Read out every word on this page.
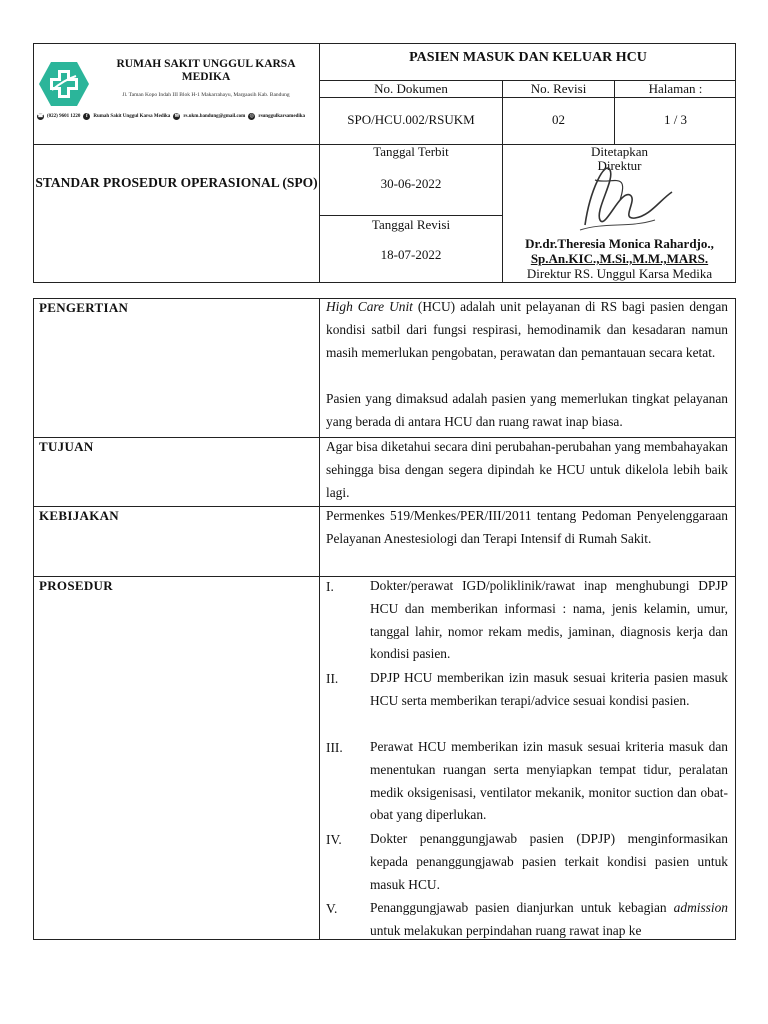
RUMAH SAKIT UNGGUL KARSA MEDIKA
Jl. Taman Kopo Indah III Blok H-1 Makarrahayu, Margaasih Kab. Bandung
☎ (022) 9601 1220	f	Rumah Sakit Unggul Karsa Medika ✉ rs.ukm.bandung@gmail.com ◎ rsunggulkarsamedika
PASIEN MASUK DAN KELUAR HCU
No. Dokumen	No. Revisi	Halaman :
SPO/HCU.002/RSUKM	02	1 / 3
STANDAR PROSEDUR OPERASIONAL (SPO)
Tanggal Terbit
30-06-2022
Tanggal Revisi
18-07-2022
Ditetapkan
Direktur
Dr.dr.Theresia Monica Rahardjo.,
Sp.An.KIC.,M.Si.,M.M.,MARS.
Direktur RS. Unggul Karsa Medika
PENGERTIAN	High Care Unit (HCU) adalah unit pelayanan di RS bagi pasien dengan kondisi satbil dari fungsi respirasi, hemodinamik dan kesadaran namun masih memerlukan pengobatan, perawatan dan pemantauan secara ketat.
Pasien yang dimaksud adalah pasien yang memerlukan tingkat pelayanan yang berada di antara HCU dan ruang rawat inap biasa.
TUJUAN	Agar bisa diketahui secara dini perubahan-perubahan yang membahayakan sehingga bisa dengan segera dipindah ke HCU untuk dikelola lebih baik lagi.
KEBIJAKAN	Permenkes 519/Menkes/PER/III/2011 tentang Pedoman Penyelenggaraan Pelayanan Anestesiologi dan Terapi Intensif di Rumah Sakit.
PROSEDUR	I.	Dokter/perawat IGD/poliklinik/rawat inap menghubungi DPJP HCU dan memberikan informasi : nama, jenis kelamin, umur, tanggal lahir, nomor rekam medis, jaminan, diagnosis kerja dan kondisi pasien.
II. DPJP HCU memberikan izin masuk sesuai kriteria pasien masuk HCU serta memberikan terapi/advice sesuai kondisi pasien.
III. Perawat HCU memberikan izin masuk sesuai kriteria masuk dan menentukan ruangan serta menyiapkan tempat tidur, peralatan medik oksigenisasi, ventilator mekanik, monitor suction dan obat-obat yang diperlukan.
IV. Dokter penanggungjawab pasien (DPJP) menginformasikan kepada penanggungjawab pasien terkait kondisi pasien untuk masuk HCU.
V. Penanggungjawab pasien dianjurkan untuk kebagian admission untuk melakukan perpindahan ruang rawat inap ke
